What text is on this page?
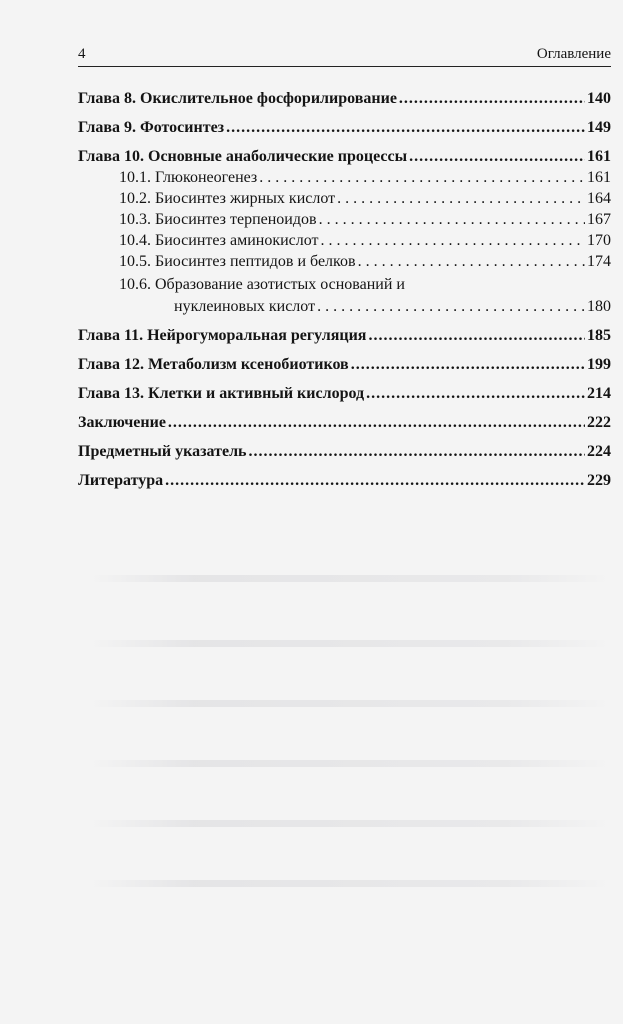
4	Оглавление
Глава 8. Окислительное фосфорилирование .....	140
Глава 9. Фотосинтез .....	149
Глава 10. Основные анаболические процессы .....	161
10.1. Глюконеогенез . . .	161
10.2. Биосинтез жирных кислот . . .	164
10.3. Биосинтез терпеноидов . . .	167
10.4. Биосинтез аминокислот . . .	170
10.5. Биосинтез пептидов и белков . . .	174
10.6. Образование азотистых оснований и
нуклеиновых кислот . . .	180
Глава 11. Нейрогуморальная регуляция .....	185
Глава 12. Метаболизм ксенобиотиков .....	199
Глава 13. Клетки и активный кислород .....	214
Заключение .....	222
Предметный указатель .....	224
Литература .....	229
